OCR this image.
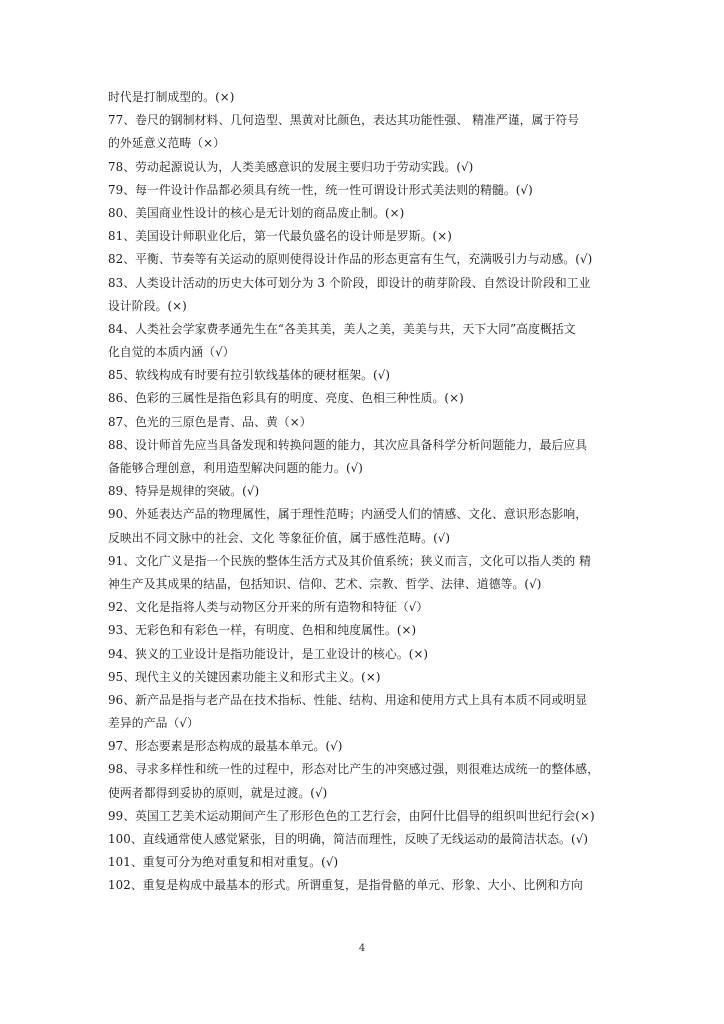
时代是打制成型的。(×)
77、卷尺的钢制材料、几何造型、黑黄对比颜色，表达其功能性强、 精准严谨，属于符号
的外延意义范畴（×）
78、劳动起源说认为，人类美感意识的发展主要归功于劳动实践。(√)
79、每一件设计作品都必须具有统一性，统一性可谓设计形式美法则的精髓。(√)
80、美国商业性设计的核心是无计划的商品废止制。(×)
81、美国设计师职业化后，第一代最负盛名的设计师是罗斯。(×)
82、平衡、节奏等有关运动的原则使得设计作品的形态更富有生气，充满吸引力与动感。(√)
83、人类设计活动的历史大体可划分为 3 个阶段，即设计的萌芽阶段、自然设计阶段和工业
设计阶段。(×)
84、人类社会学家费孝通先生在“各美其美，美人之美，美美与共，天下大同”高度概括文
化自觉的本质内涵（√）
85、软线构成有时要有拉引软线基体的硬材框架。(√)
86、色彩的三属性是指色彩具有的明度、亮度、色相三种性质。(×)
87、色光的三原色是青、品、黄（×）
88、设计师首先应当具备发现和转换问题的能力，其次应具备科学分析问题能力，最后应具
备能够合理创意，利用造型解决问题的能力。(√)
89、特异是规律的突破。(√)
90、外延表达产品的物理属性，属于理性范畴；内涵受人们的情感、文化、意识形态影响，
反映出不同文脉中的社会、文化 等象征价值，属于感性范畴。(√)
91、文化广义是指一个民族的整体生活方式及其价值系统；狭义而言，文化可以指人类的 精
神生产及其成果的结晶，包括知识、信仰、艺术、宗教、哲学、法律、道德等。(√)
92、文化是指将人类与动物区分开来的所有造物和特征（√）
93、无彩色和有彩色一样，有明度、色相和纯度属性。(×)
94、狭义的工业设计是指功能设计，是工业设计的核心。(×)
95、现代主义的关键因素功能主义和形式主义。(×)
96、新产品是指与老产品在技术指标、性能、结构、用途和使用方式上具有本质不同或明显
差异的产品（√）
97、形态要素是形态构成的最基本单元。(√)
98、寻求多样性和统一性的过程中，形态对比产生的冲突感过强，则很难达成统一的整体感，
使两者都得到妥协的原则，就是过渡。(√)
99、英国工艺美术运动期间产生了形形色色的工艺行会，由阿什比倡导的组织叫世纪行会(×)
100、直线通常使人感觉紧张，目的明确，简洁而理性，反映了无线运动的最简洁状态。(√)
101、重复可分为绝对重复和相对重复。(√)
102、重复是构成中最基本的形式。所谓重复，是指骨骼的单元、形象、大小、比例和方向
4
